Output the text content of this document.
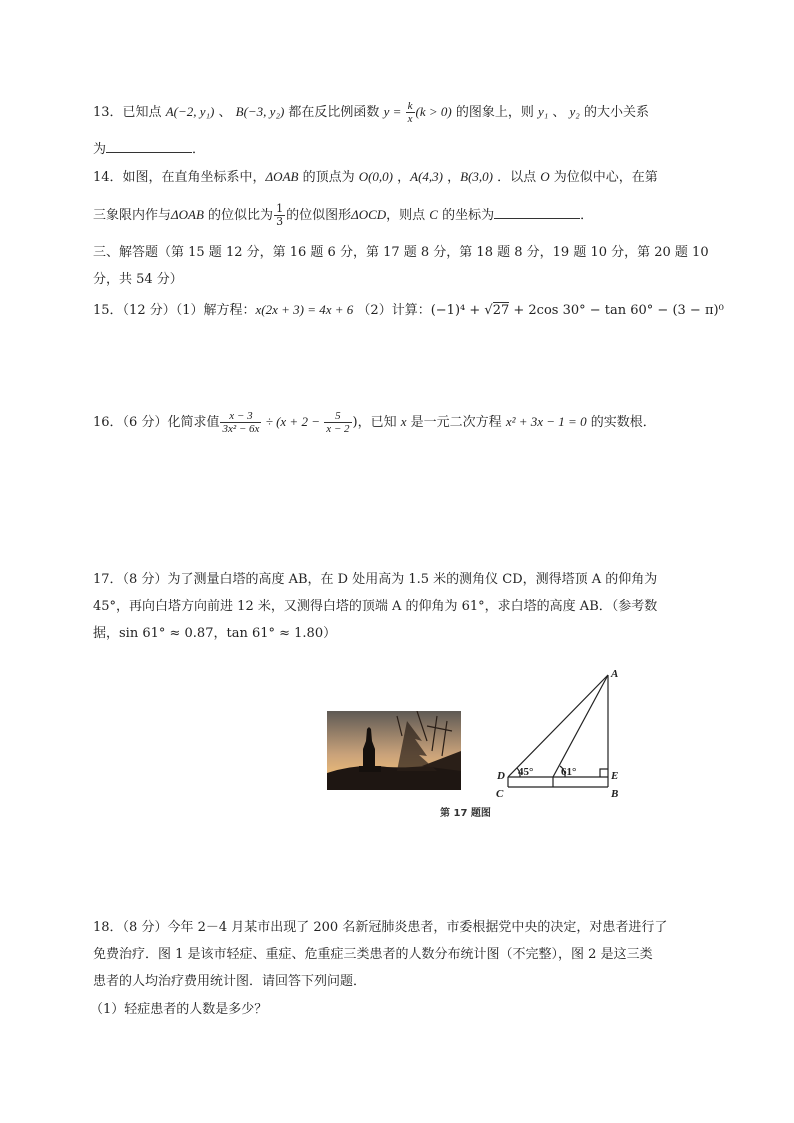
13．已知点 A(−2, y₁) 、 B(−3, y₂) 都在反比例函数 $y = \frac{k}{x} (k > 0)$ 的图象上，则 y₁ 、 y₂ 的大小关系
为	．
14．如图，在直角坐标系中，ΔOAB 的顶点为 O(0,0) ，A(4,3) ，B(3,0) ．以点 O 为位似中心，在第
三象限内作与ΔOAB 的位似比为 $\frac{1}{3}$ 的位似图形ΔOCD，则点 C 的坐标为	．
三、解答题（第 15 题 12 分，第 16 题 6 分，第 17 题 8 分，第 18 题 8 分，19 题 10 分，第 20 题 10
分，共 54 分）
15．（12 分）（1）解方程：x(2x + 3) = 4x + 6 （2）计算：(−1)⁴ + √27 + 2cos 30° − tan 60° − (3 − π)⁰
16．（6 分）化简求值 $\frac{x - 3}{\text{3x² − 6x}} \div (x + 2 - \frac{5}{x - 2}$ )，已知 x 是一元二次方程 x² + 3x − 1 = 0 的实数根．
17．（8 分）为了测量白塔的高度 AB，在 D 处用高为 1.5 米的测角仪 CD，测得塔顶 A 的仰角为
45°，再向白塔方向前进 12 米，又测得白塔的顶端 A 的仰角为 61°，求白塔的高度 AB．（参考数
据，sin 61° ≈ 0.87，tan 61° ≈ 1.80）
第 17 题图
A
B
C
D	E
45°	61°
18．（8 分）今年 2－4 月某市出现了 200 名新冠肺炎患者，市委根据党中央的决定，对患者进行了
免费治疗．图 1 是该市轻症、重症、危重症三类患者的人数分布统计图（不完整），图 2 是这三类
患者的人均治疗费用统计图．请回答下列问题．
（1）轻症患者的人数是多少？
